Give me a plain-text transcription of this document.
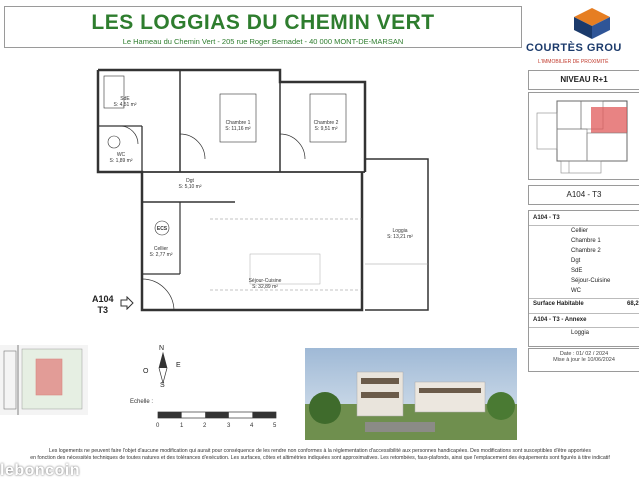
LES LOGGIAS DU CHEMIN VERT
Le Hameau du Chemin Vert - 205 rue Roger Bernadet - 40 000 MONT-DE-MARSAN
COURTÈS GROU
L'IMMOBILIER DE PROXIMITÉ
NIVEAU R+1
A104 - T3
A104 - T3
Cellier
Chambre 1
Chambre 2
Dgt
SdE
Séjour-Cuisine
WC
Surface Habitable	68,2
A104 - T3 - Annexe
Loggia
Date : 01/ 02 / 2024
Mise à jour le 10/06/2024
SdE
S: 4,51 m²
Chambre 1
S: 11,16 m²
Chambre 2
S: 9,51 m²
WC
S: 1,89 m²
Dgt
S: 5,10 m²
Cellier
S: 2,77 m²
ECS
Séjour-Cuisine
S: 32,89 m²
Loggia
S: 13,21 m²
A104
T3
N
E
S
O
Echelle :
0	1	2	3	4	5
Les logements ne peuvent faire l'objet d'aucune modification qui aurait pour conséquence de les rendre non conformes à la réglementation d'accessibilité aux personnes handicapées. Des modifications sont susceptibles d'être apportées
en fonction des nécessités techniques de toutes natures et des tolérances d'exécution. Les surfaces, côtes et altimétries indiquées sont approximatives. Les retombées, faux-plafonds, ainsi que l'emplacement des équipements sont figurés à titre indicatif
leboncoin
